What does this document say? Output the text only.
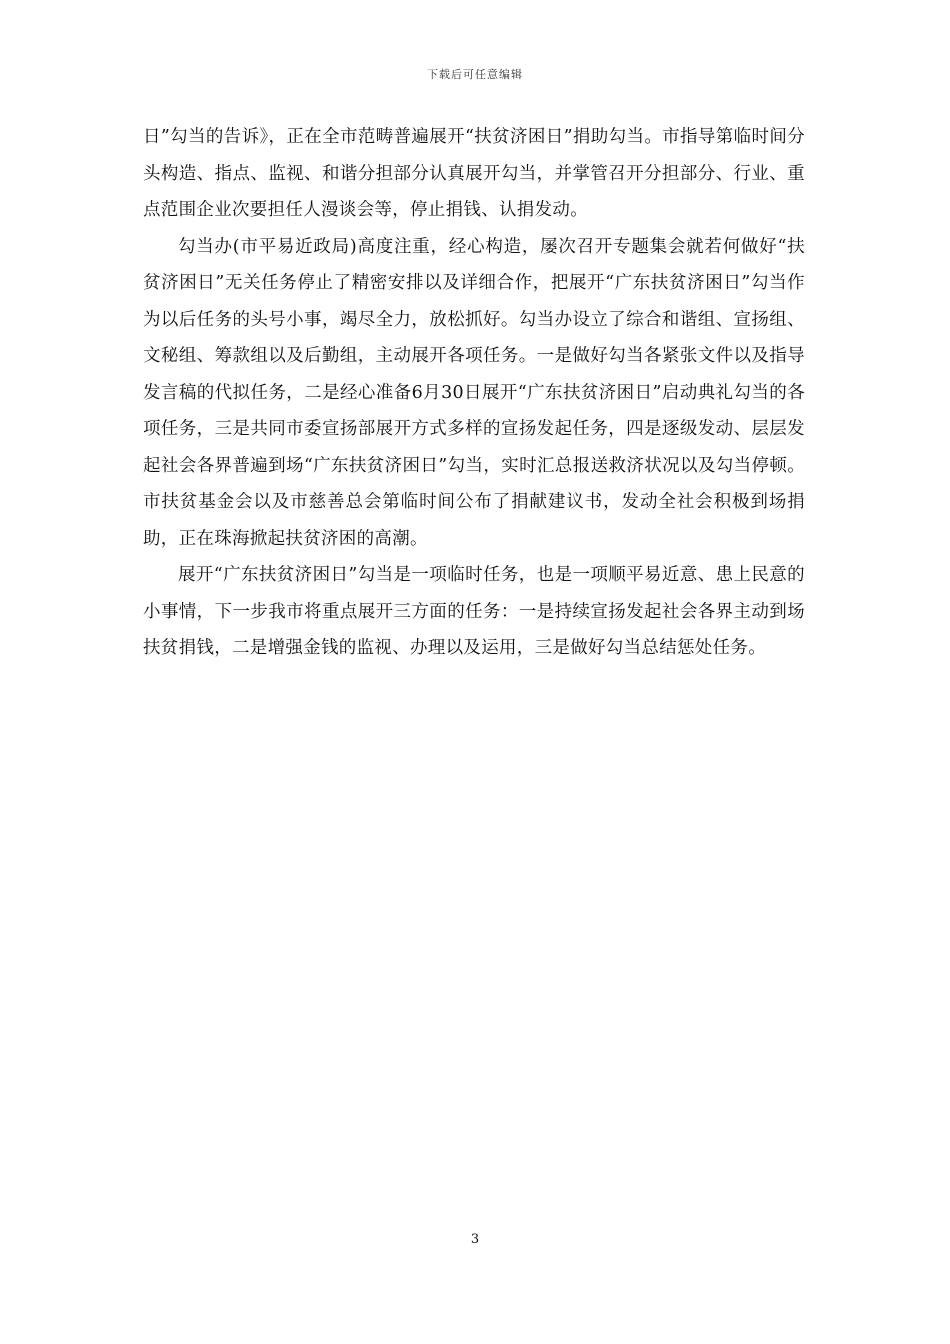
下载后可任意编辑

日”勾当的告诉》，正在全市范畴普遍展开“扶贫济困日”捐助勾当。市指导第临时间分头构造、指点、监视、和谐分担部分认真展开勾当，并掌管召开分担部分、行业、重点范围企业次要担任人漫谈会等，停止捐钱、认捐发动。

勾当办(市平易近政局)高度注重，经心构造，屡次召开专题集会就若何做好“扶贫济困日”无关任务停止了精密安排以及详细合作，把展开“广东扶贫济困日”勾当作为以后任务的头号小事，竭尽全力，放松抓好。勾当办设立了综合和谐组、宣扬组、文秘组、筹款组以及后勤组，主动展开各项任务。一是做好勾当各紧张文件以及指导发言稿的代拟任务，二是经心准备6月30日展开“广东扶贫济困日”启动典礼勾当的各项任务，三是共同市委宣扬部展开方式多样的宣扬发起任务，四是逐级发动、层层发起社会各界普遍到场“广东扶贫济困日”勾当，实时汇总报送救济状况以及勾当停顿。市扶贫基金会以及市慈善总会第临时间公布了捐献建议书，发动全社会积极到场捐助，正在珠海掀起扶贫济困的高潮。

展开“广东扶贫济困日”勾当是一项临时任务，也是一项顺平易近意、患上民意的小事情，下一步我市将重点展开三方面的任务：一是持续宣扬发起社会各界主动到场扶贫捐钱，二是增强金钱的监视、办理以及运用，三是做好勾当总结惩处任务。

3
